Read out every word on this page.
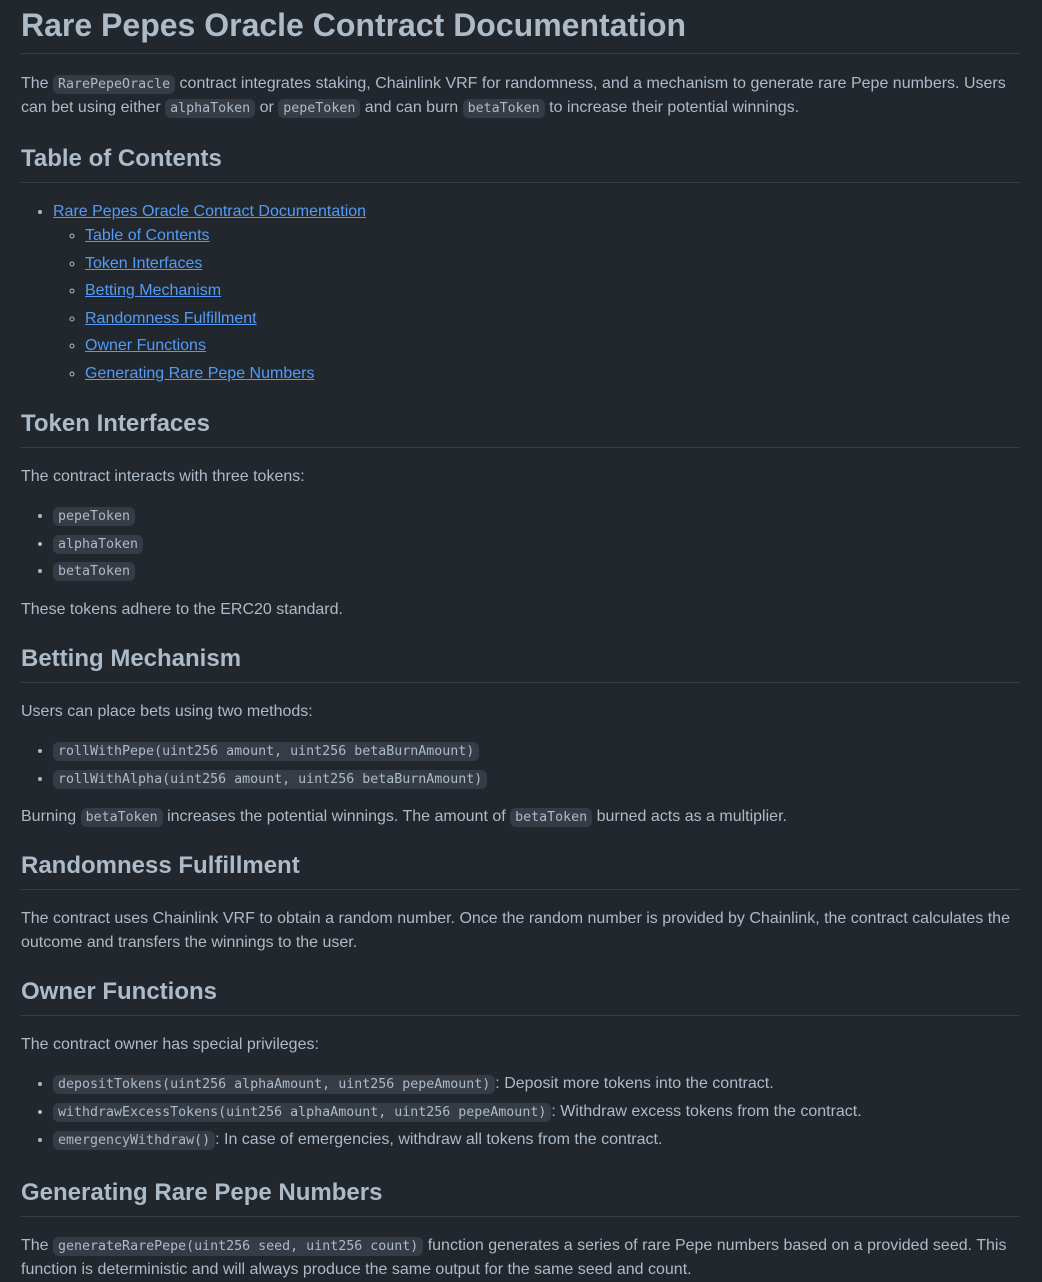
Rare Pepes Oracle Contract Documentation

The RarePepeOracle contract integrates staking, Chainlink VRF for randomness, and a mechanism to generate rare Pepe numbers. Users can bet using either alphaToken or pepeToken and can burn betaToken to increase their potential winnings.

Table of Contents
• Rare Pepes Oracle Contract Documentation
◦ Table of Contents
◦ Token Interfaces
◦ Betting Mechanism
◦ Randomness Fulfillment
◦ Owner Functions
◦ Generating Rare Pepe Numbers
Token Interfaces

The contract interacts with three tokens:

• pepeToken
• alphaToken
• betaToken

These tokens adhere to the ERC20 standard.

Betting Mechanism

Users can place bets using two methods:

• rollWithPepe(uint256 amount, uint256 betaBurnAmount)
• rollWithAlpha(uint256 amount, uint256 betaBurnAmount)

Burning betaToken increases the potential winnings. The amount of betaToken burned acts as a multiplier.

Randomness Fulfillment

The contract uses Chainlink VRF to obtain a random number. Once the random number is provided by Chainlink, the contract calculates the outcome and transfers the winnings to the user.

Owner Functions

The contract owner has special privileges:

• depositTokens(uint256 alphaAmount, uint256 pepeAmount) : Deposit more tokens into the contract.
• withdrawExcessTokens(uint256 alphaAmount, uint256 pepeAmount) : Withdraw excess tokens from the contract.
• emergencyWithdraw() : In case of emergencies, withdraw all tokens from the contract.
Generating Rare Pepe Numbers

The generateRarePepe(uint256 seed, uint256 count) function generates a series of rare Pepe numbers based on a provided seed. This function is deterministic and will always produce the same output for the same seed and count.
